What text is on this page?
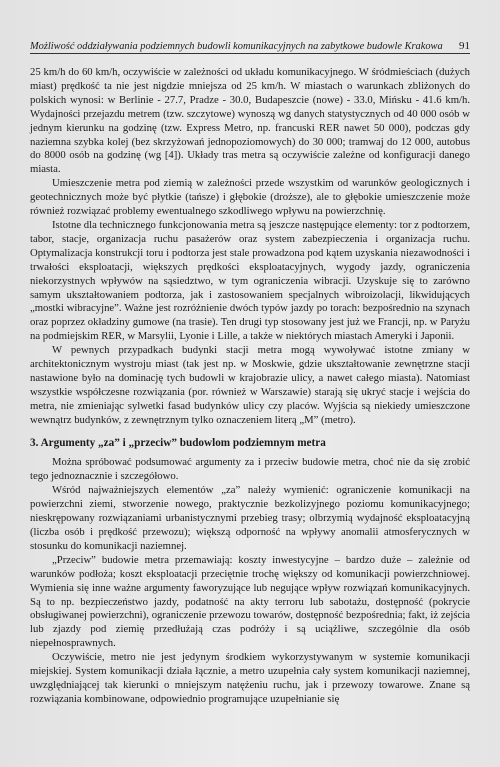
Możliwość oddziaływania podziemnych budowli komunikacyjnych na zabytkowe budowle Krakowa 91

25 km/h do 60 km/h, oczywiście w zależności od układu komunikacyjnego. W śródmieściach (dużych miast) prędkość ta nie jest nigdzie mniejsza od 25 km/h. W miastach o warunkach zbliżonych do polskich wynosi: w Berlinie - 27.7, Pradze - 30.0, Budapeszcie (nowe) - 33.0, Mińsku - 41.6 km/h. Wydajności przejazdu metrem (tzw. szczytowe) wynoszą wg danych statystycznych od 40 000 osób w jednym kierunku na godzinę (tzw. Express Metro, np. francuski RER nawet 50 000), podczas gdy naziemna szybka kolej (bez skrzyżowań jednopoziomowych) do 30 000; tramwaj do 12 000, autobus do 8000 osób na godzinę (wg [4]). Układy tras metra są oczywiście zależne od konfiguracji danego miasta.

Umieszczenie metra pod ziemią w zależności przede wszystkim od warunków geologicznych i geotechnicznych może być płytkie (tańsze) i głębokie (droższe), ale to głębokie umieszczenie może również rozwiązać problemy ewentualnego szkodliwego wpływu na powierzchnię.

Istotne dla technicznego funkcjonowania metra są jeszcze następujące elementy: tor z podtorzem, tabor, stacje, organizacja ruchu pasażerów oraz system zabezpieczenia i organizacja ruchu. Optymalizacja konstrukcji toru i podtorza jest stale prowadzona pod kątem uzyskania niezawodności i trwałości eksploatacji, większych prędkości eksploatacyjnych, wygody jazdy, ograniczenia niekorzystnych wpływów na sąsiedztwo, w tym ograniczenia wibracji. Uzyskuje się to zarówno samym ukształtowaniem podtorza, jak i zastosowaniem specjalnych wibroizolacji, likwidujących „mostki wibracyjne”. Ważne jest rozróżnienie dwóch typów jazdy po torach: bezpośrednio na szynach oraz poprzez okładziny gumowe (na trasie). Ten drugi typ stosowany jest już we Francji, np. w Paryżu na podmiejskim RER, w Marsylii, Lyonie i Lille, a także w niektórych miastach Ameryki i Japonii.

W pewnych przypadkach budynki stacji metra mogą wywoływać istotne zmiany w architektonicznym wystroju miast (tak jest np. w Moskwie, gdzie ukształtowanie zewnętrzne stacji nastawione było na dominację tych budowli w krajobrazie ulicy, a nawet całego miasta). Natomiast wszystkie współczesne rozwiązania (por. również w Warszawie) starają się ukryć stacje i wejścia do metra, nie zmieniając sylwetki fasad budynków ulicy czy placów. Wyjścia są niekiedy umieszczone wewnątrz budynków, z zewnętrznym tylko oznaczeniem literą „M” (metro).

3. Argumenty „za” i „przeciw” budowlom podziemnym metra

Można spróbować podsumować argumenty za i przeciw budowie metra, choć nie da się zrobić tego jednoznacznie i szczegółowo.

Wśród najważniejszych elementów „za” należy wymienić: ograniczenie komunikacji na powierzchni ziemi, stworzenie nowego, praktycznie bezkolizyjnego poziomu komunikacyjnego; nieskrępowany rozwiązaniami urbanistycznymi przebieg trasy; olbrzymią wydajność eksploatacyjną (liczba osób i prędkość przewozu); większą odporność na wpływy anomalii atmosferycznych w stosunku do komunikacji naziemnej.

„Przeciw” budowie metra przemawiają: koszty inwestycyjne – bardzo duże – zależnie od warunków podłoża; koszt eksploatacji przeciętnie trochę większy od komunikacji powierzchniowej. Wymienia się inne ważne argumenty faworyzujące lub negujące wpływ rozwiązań komunikacyjnych. Są to np. bezpieczeństwo jazdy, podatność na akty terroru lub sabotażu, dostępność (pokrycie obsługiwanej powierzchni), ograniczenie przewozu towarów, dostępność bezpośrednia; fakt, iż zejścia lub zjazdy pod ziemię przedłużają czas podróży i są uciążliwe, szczególnie dla osób niepełnosprawnych.

Oczywiście, metro nie jest jedynym środkiem wykorzystywanym w systemie komunikacji miejskiej. System komunikacji działa łącznie, a metro uzupełnia cały system komunikacji naziemnej, uwzględniającej tak kierunki o mniejszym natężeniu ruchu, jak i przewozy towarowe. Znane są rozwiązania kombinowane, odpowiednio programujące uzupełnianie się
